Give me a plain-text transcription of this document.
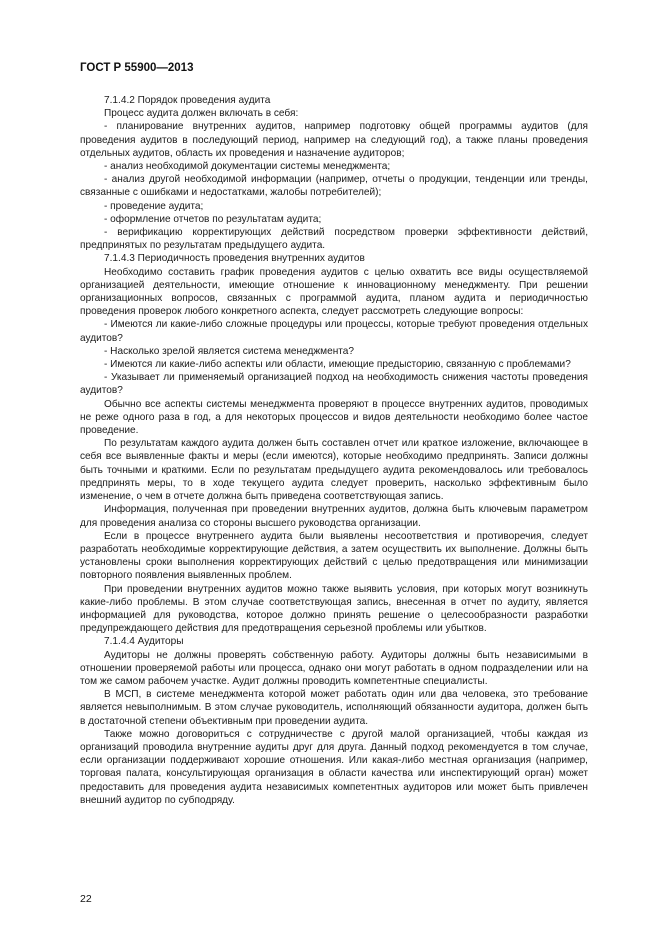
ГОСТ Р 55900—2013

7.1.4.2 Порядок проведения аудита

Процесс аудита должен включать в себя:

- планирование внутренних аудитов, например подготовку общей программы аудитов (для проведения аудитов в последующий период, например на следующий год), а также планы проведения отдельных аудитов, область их проведения и назначение аудиторов;

- анализ необходимой документации системы менеджмента;

- анализ другой необходимой информации (например, отчеты о продукции, тенденции или тренды, связанные с ошибками и недостатками, жалобы потребителей);

- проведение аудита;

- оформление отчетов по результатам аудита;

- верификацию корректирующих действий посредством проверки эффективности действий, предпринятых по результатам предыдущего аудита.

7.1.4.3 Периодичность проведения внутренних аудитов

Необходимо составить график проведения аудитов с целью охватить все виды осуществляемой организацией деятельности, имеющие отношение к инновационному менеджменту. При решении организационных вопросов, связанных с программой аудита, планом аудита и периодичностью проведения проверок любого конкретного аспекта, следует рассмотреть следующие вопросы:

- Имеются ли какие-либо сложные процедуры или процессы, которые требуют проведения отдельных аудитов?

- Насколько зрелой является система менеджмента?

- Имеются ли какие-либо аспекты или области, имеющие предысторию, связанную с проблемами?

- Указывает ли применяемый организацией подход на необходимость снижения частоты проведения аудитов?

Обычно все аспекты системы менеджмента проверяют в процессе внутренних аудитов, проводимых не реже одного раза в год, а для некоторых процессов и видов деятельности необходимо более частое проведение.

По результатам каждого аудита должен быть составлен отчет или краткое изложение, включающее в себя все выявленные факты и меры (если имеются), которые необходимо предпринять. Записи должны быть точными и краткими. Если по результатам предыдущего аудита рекомендовалось или требовалось предпринять меры, то в ходе текущего аудита следует проверить, насколько эффективным было изменение, о чем в отчете должна быть приведена соответствующая запись.

Информация, полученная при проведении внутренних аудитов, должна быть ключевым параметром для проведения анализа со стороны высшего руководства организации.

Если в процессе внутреннего аудита были выявлены несоответствия и противоречия, следует разработать необходимые корректирующие действия, а затем осуществить их выполнение. Должны быть установлены сроки выполнения корректирующих действий с целью предотвращения или минимизации повторного появления выявленных проблем.

При проведении внутренних аудитов можно также выявить условия, при которых могут возникнуть какие-либо проблемы. В этом случае соответствующая запись, внесенная в отчет по аудиту, является информацией для руководства, которое должно принять решение о целесообразности разработки предупреждающего действия для предотвращения серьезной проблемы или убытков.

7.1.4.4 Аудиторы

Аудиторы не должны проверять собственную работу. Аудиторы должны быть независимыми в отношении проверяемой работы или процесса, однако они могут работать в одном подразделении или на том же самом рабочем участке. Аудит должны проводить компетентные специалисты.

В МСП, в системе менеджмента которой может работать один или два человека, это требование является невыполнимым. В этом случае руководитель, исполняющий обязанности аудитора, должен быть в достаточной степени объективным при проведении аудита.

Также можно договориться с сотрудничестве с другой малой организацией, чтобы каждая из организаций проводила внутренние аудиты друг для друга. Данный подход рекомендуется в том случае, если организации поддерживают хорошие отношения. Или какая-либо местная организация (например, торговая палата, консультирующая организация в области качества или инспектирующий орган) может предоставить для проведения аудита независимых компетентных аудиторов или может быть привлечен внешний аудитор по субподряду.

22
